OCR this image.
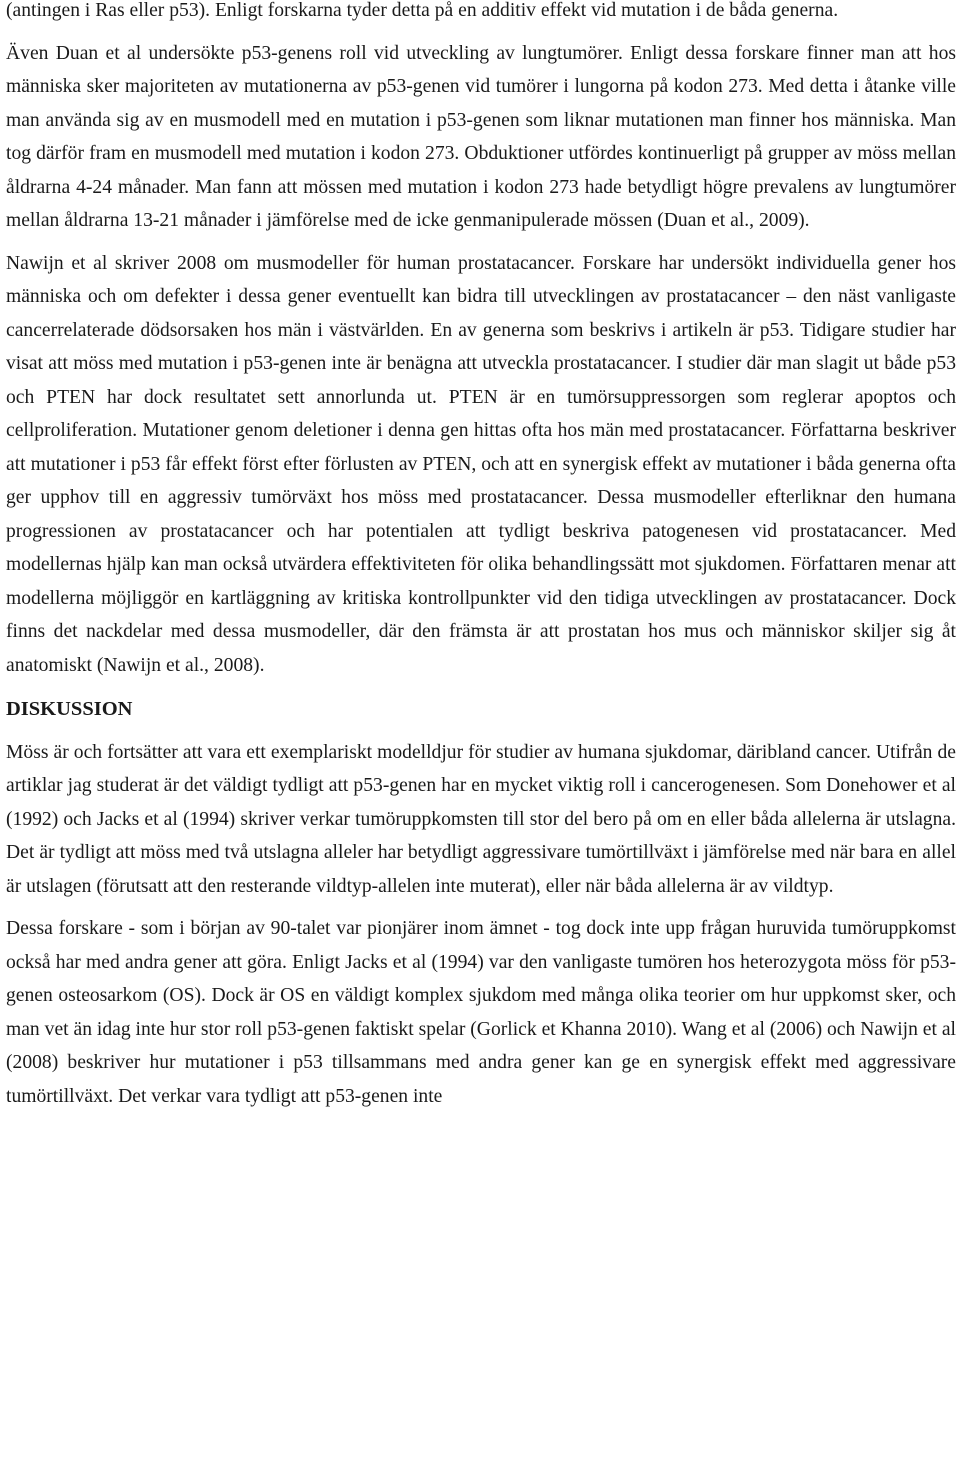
(antingen i Ras eller p53). Enligt forskarna tyder detta på en additiv effekt vid mutation i de båda generna.

Även Duan et al undersökte p53-genens roll vid utveckling av lungtumörer. Enligt dessa forskare finner man att hos människa sker majoriteten av mutationerna av p53-genen vid tumörer i lungorna på kodon 273. Med detta i åtanke ville man använda sig av en musmodell med en mutation i p53-genen som liknar mutationen man finner hos människa. Man tog därför fram en musmodell med mutation i kodon 273. Obduktioner utfördes kontinuerligt på grupper av möss mellan åldrarna 4-24 månader. Man fann att mössen med mutation i kodon 273 hade betydligt högre prevalens av lungtumörer mellan åldrarna 13-21 månader i jämförelse med de icke genmanipulerade mössen (Duan et al., 2009).

Nawijn et al skriver 2008 om musmodeller för human prostatacancer. Forskare har undersökt individuella gener hos människa och om defekter i dessa gener eventuellt kan bidra till utvecklingen av prostatacancer – den näst vanligaste cancerrelaterade dödsorsaken hos män i västvärlden. En av generna som beskrivs i artikeln är p53. Tidigare studier har visat att möss med mutation i p53-genen inte är benägna att utveckla prostatacancer. I studier där man slagit ut både p53 och PTEN har dock resultatet sett annorlunda ut. PTEN är en tumörsuppressorgen som reglerar apoptos och cellproliferation. Mutationer genom deletioner i denna gen hittas ofta hos män med prostatacancer. Författarna beskriver att mutationer i p53 får effekt först efter förlusten av PTEN, och att en synergisk effekt av mutationer i båda generna ofta ger upphov till en aggressiv tumörväxt hos möss med prostatacancer. Dessa musmodeller efterliknar den humana progressionen av prostatacancer och har potentialen att tydligt beskriva patogenesen vid prostatacancer. Med modellernas hjälp kan man också utvärdera effektiviteten för olika behandlingssätt mot sjukdomen. Författaren menar att modellerna möjliggör en kartläggning av kritiska kontrollpunkter vid den tidiga utvecklingen av prostatacancer. Dock finns det nackdelar med dessa musmodeller, där den främsta är att prostatan hos mus och människor skiljer sig åt anatomiskt (Nawijn et al., 2008).

DISKUSSION

Möss är och fortsätter att vara ett exemplariskt modelldjur för studier av humana sjukdomar, däribland cancer. Utifrån de artiklar jag studerat är det väldigt tydligt att p53-genen har en mycket viktig roll i cancerogenesen. Som Donehower et al (1992) och Jacks et al (1994) skriver verkar tumöruppkomsten till stor del bero på om en eller båda allelerna är utslagna. Det är tydligt att möss med två utslagna alleler har betydligt aggressivare tumörtillväxt i jämförelse med när bara en allel är utslagen (förutsatt att den resterande vildtyp-allelen inte muterat), eller när båda allelerna är av vildtyp.

Dessa forskare - som i början av 90-talet var pionjärer inom ämnet - tog dock inte upp frågan huruvida tumöruppkomst också har med andra gener att göra. Enligt Jacks et al (1994) var den vanligaste tumören hos heterozygota möss för p53-genen osteosarkom (OS). Dock är OS en väldigt komplex sjukdom med många olika teorier om hur uppkomst sker, och man vet än idag inte hur stor roll p53-genen faktiskt spelar (Gorlick et Khanna 2010). Wang et al (2006) och Nawijn et al (2008) beskriver hur mutationer i p53 tillsammans med andra gener kan ge en synergisk effekt med aggressivare tumörtillväxt. Det verkar vara tydligt att p53-genen inte
